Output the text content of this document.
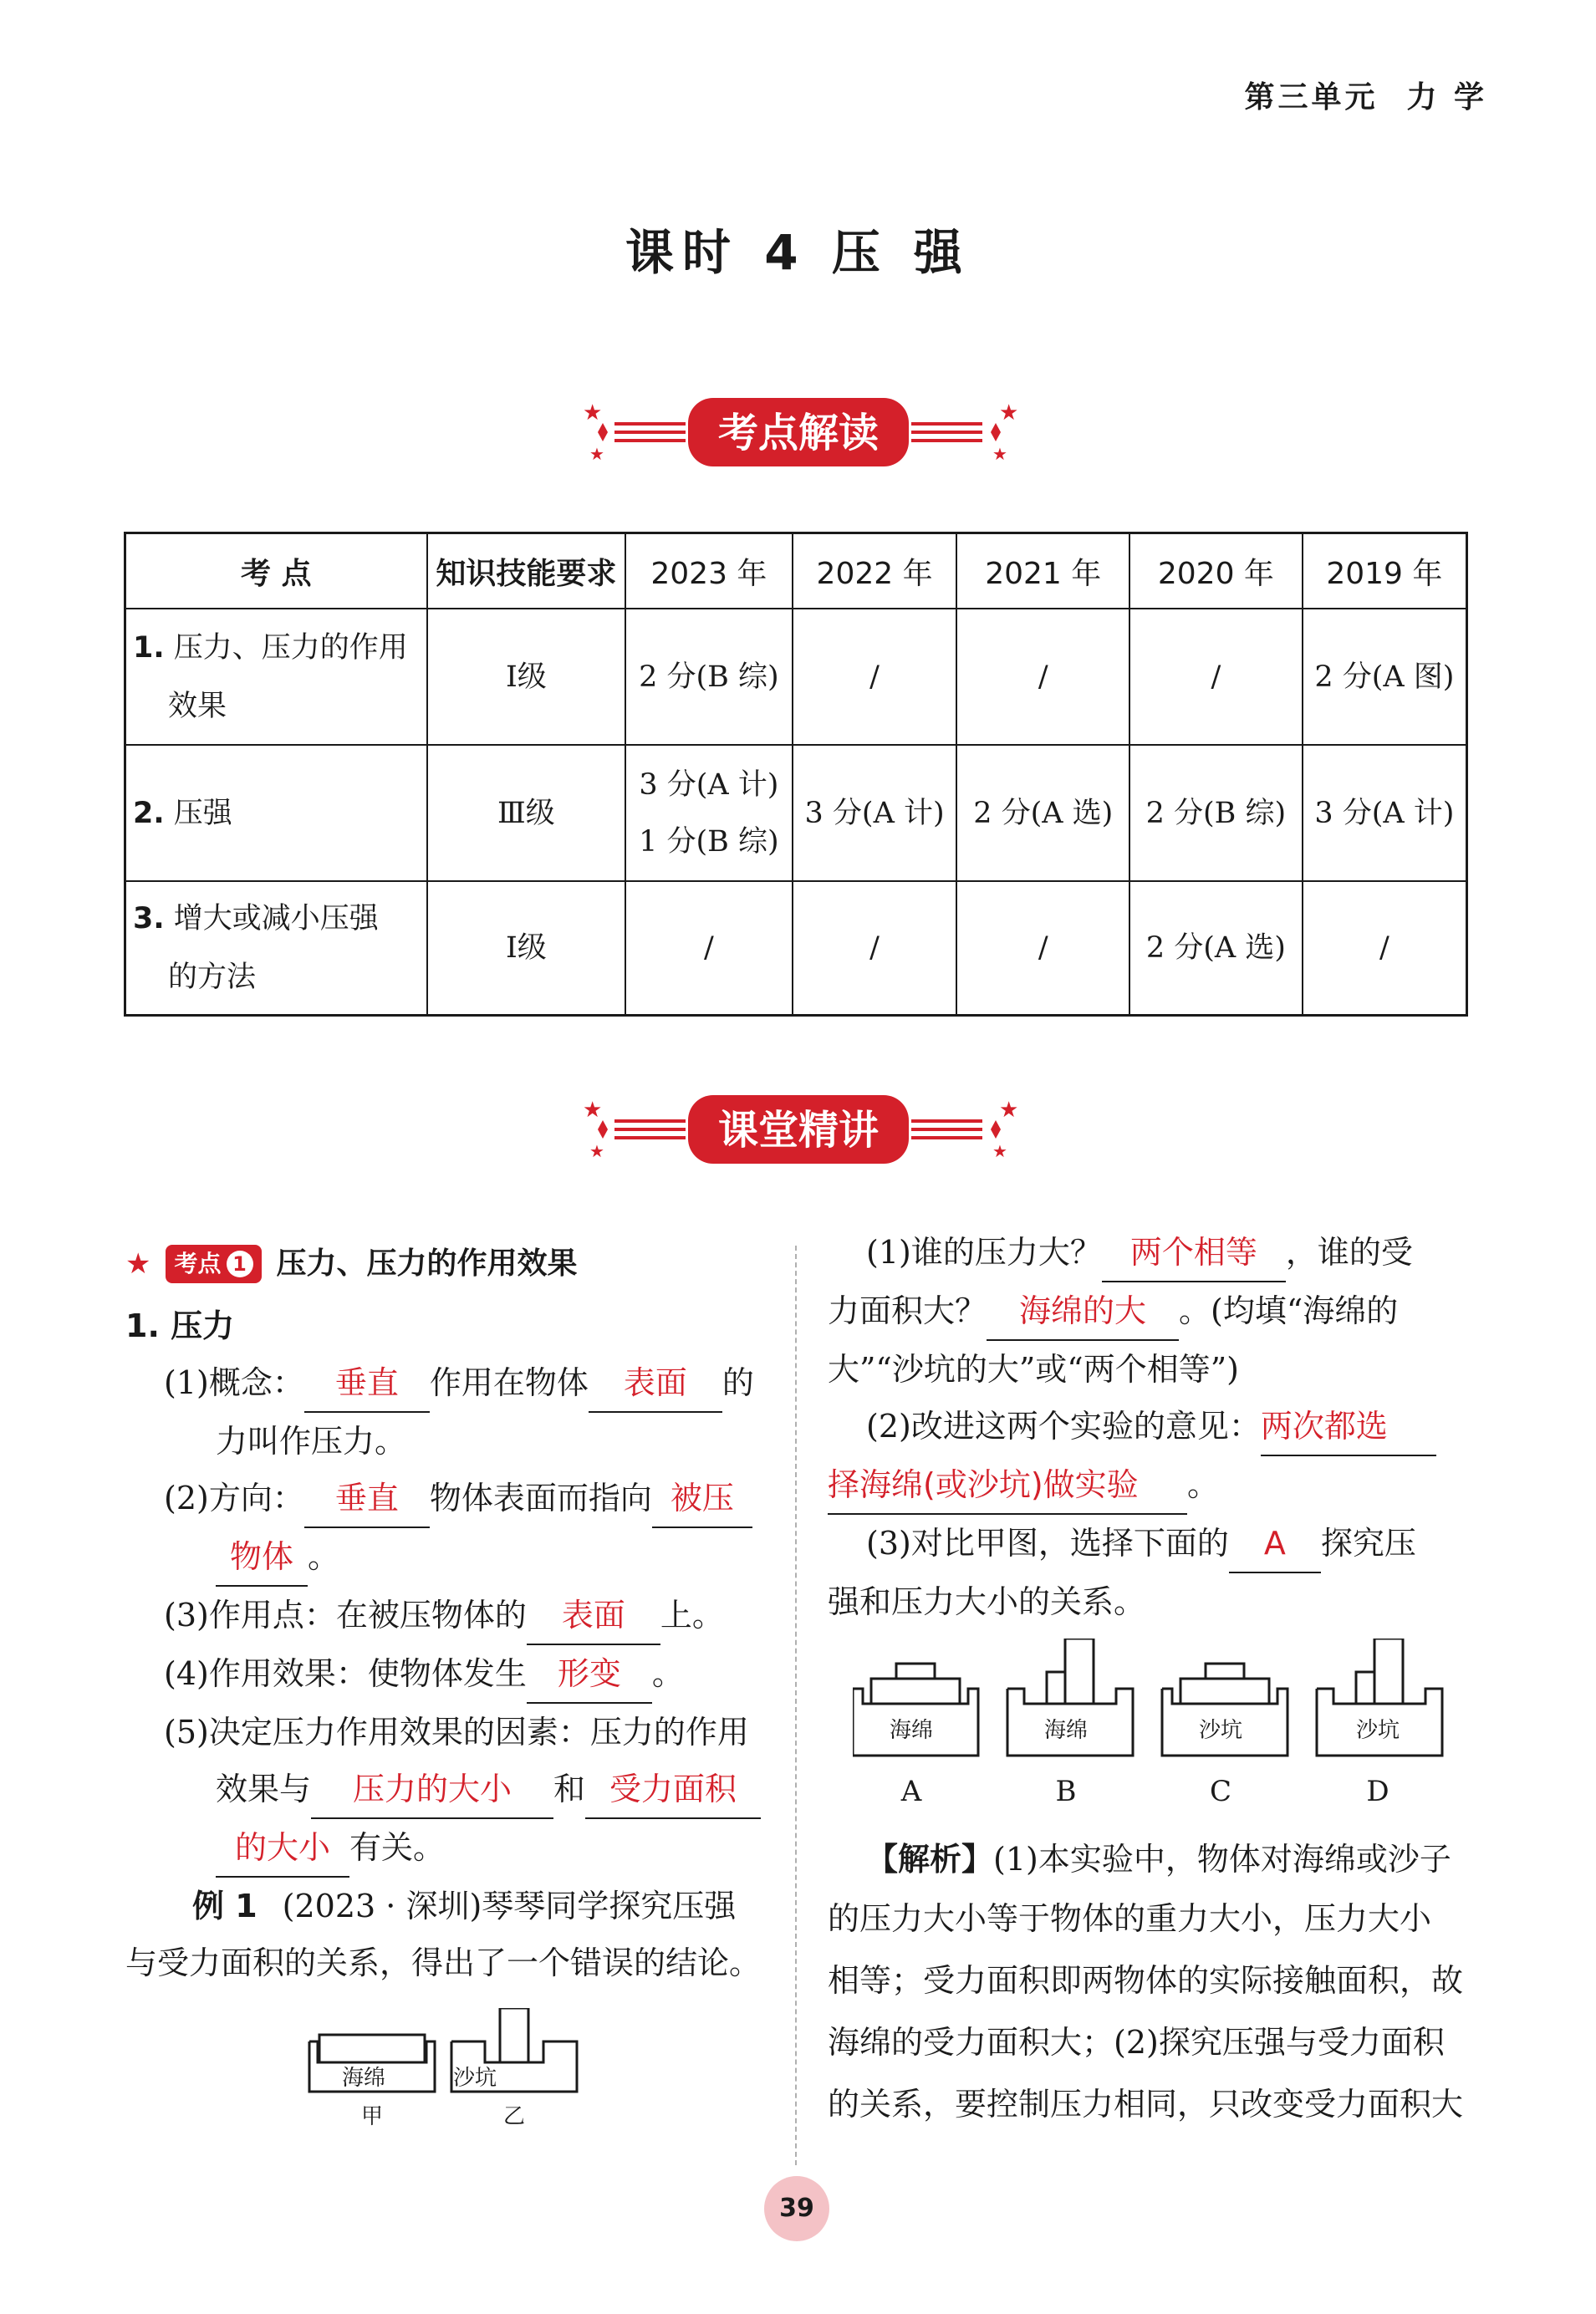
第三单元 力 学
课时 4 压 强
★	★
★	★
考点解读
考 点	知识技能要求	2023 年	2022 年	2021 年	2020 年	2019 年
1. 压力、压力的作用
效果	Ⅰ级	2 分(B 综)	/	/	/	2 分(A 图)
2. 压强	Ⅲ级	3 分(A 计)
1 分(B 综)	3 分(A 计)	2 分(A 选)	2 分(B 综)	3 分(A 计)
3. 增大或减小压强
的方法	Ⅰ级	/	/	/	2 分(A 选)	/
★	★
★	★
课堂精讲
★ 考点 1 压力、压力的作用效果
1. 压力
(1)概念： 垂直 作用在物体 表面 的
力叫作压力。
(2)方向： 垂直 物体表面而指向 被压
物体 。
(3)作用点：在被压物体的 表面 上。
(4)作用效果：使物体发生 形变 。
(5)决定压力作用效果的因素：压力的作用
效果与 压力的大小 和 受力面积
的大小 有关。
例 1 (2023 · 深圳)琴琴同学探究压强
与受力面积的关系，得出了一个错误的结论。
海绵	沙坑
甲	乙
(1)谁的压力大？ 两个相等 ，谁的受
力面积大？ 海绵的大 。(均填“海绵的
大”“沙坑的大”或“两个相等”)
(2)改进这两个实验的意见：两次都选
择海绵(或沙坑)做实验 。
(3)对比甲图，选择下面的 A 探究压
强和压力大小的关系。
海绵	海绵	沙坑	沙坑
A	B	C	D
【解析】(1)本实验中，物体对海绵或沙子
的压力大小等于物体的重力大小，压力大小
相等；受力面积即两物体的实际接触面积，故
海绵的受力面积大；(2)探究压强与受力面积
的关系，要控制压力相同，只改变受力面积大
39
